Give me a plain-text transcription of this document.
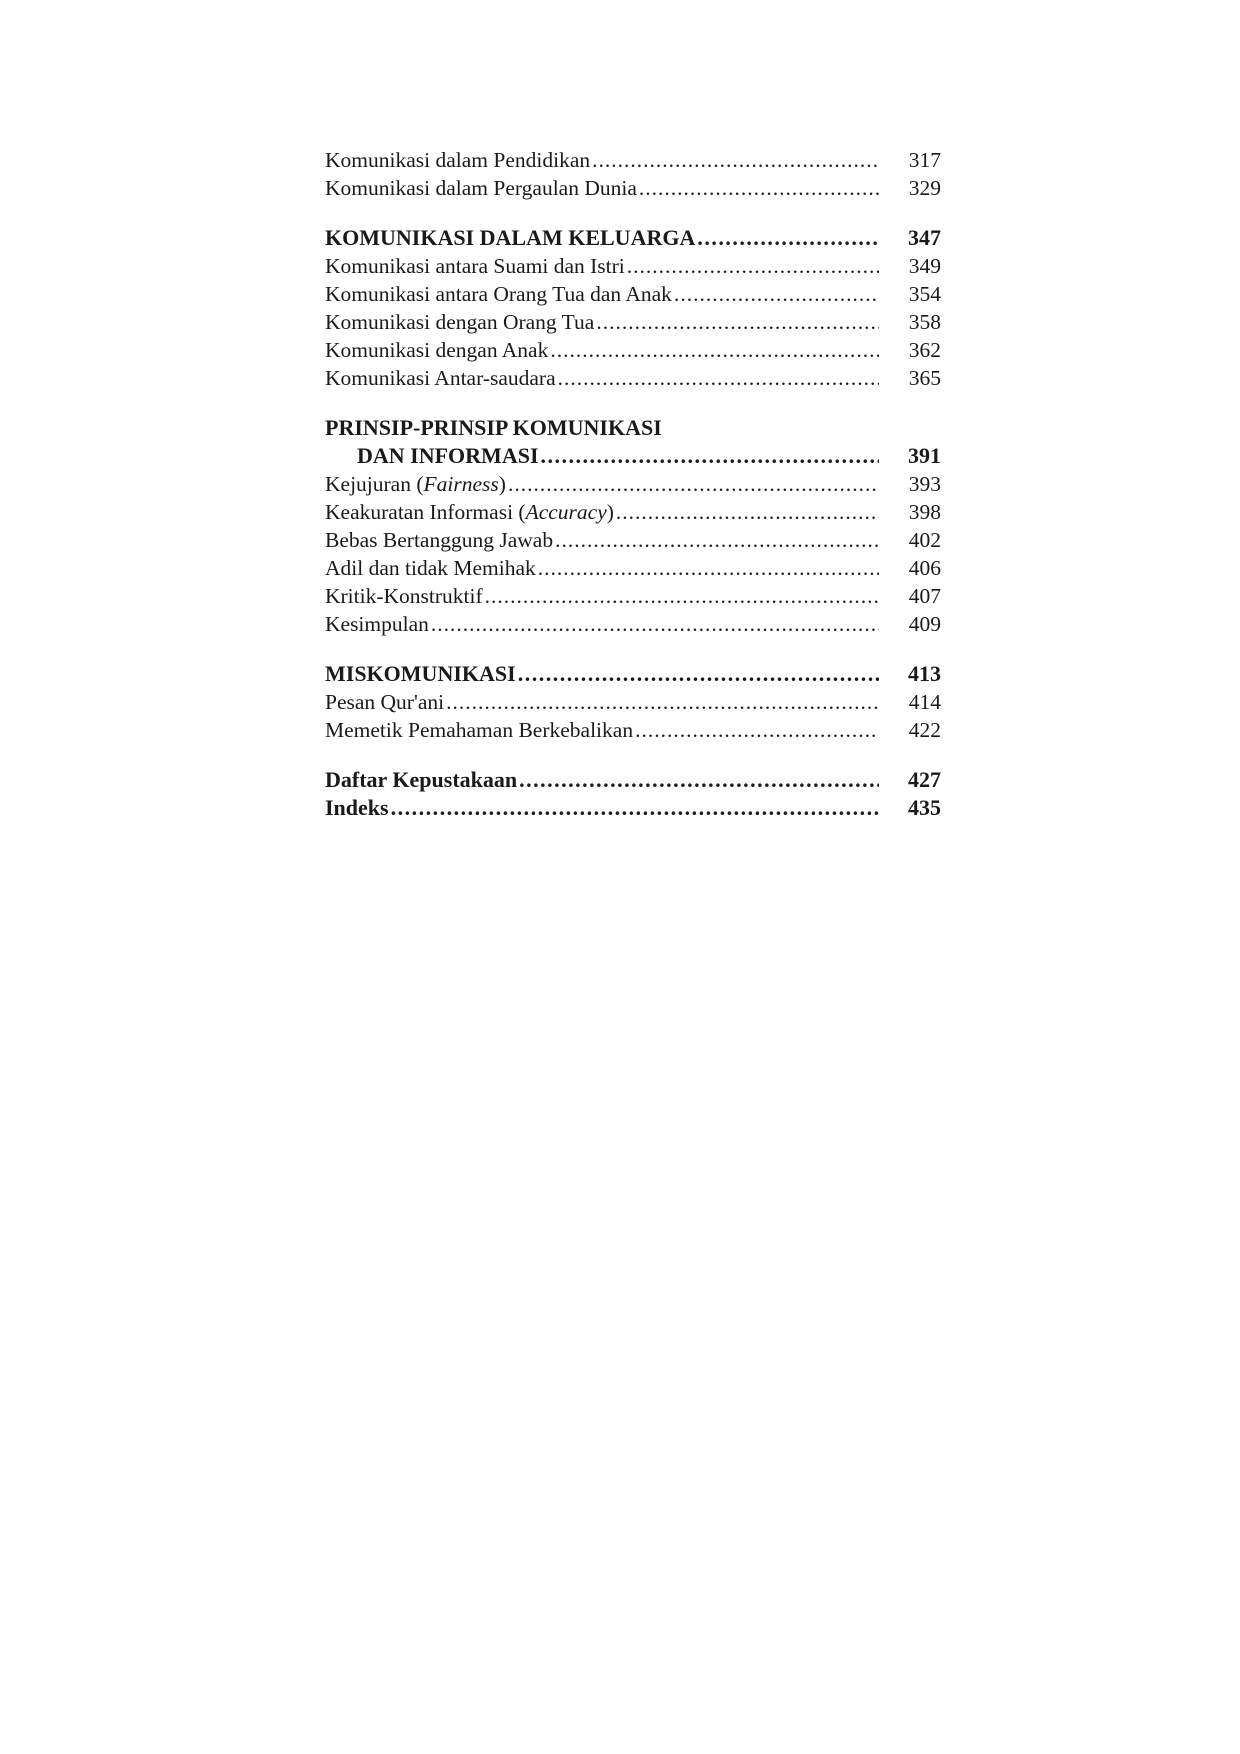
Komunikasi dalam Pendidikan .....	317
Komunikasi dalam Pergaulan Dunia .....	329
KOMUNIKASI DALAM KELUARGA .....	347
Komunikasi antara Suami dan Istri .....	349
Komunikasi antara Orang Tua dan Anak .....	354
Komunikasi dengan Orang Tua .....	358
Komunikasi dengan Anak .....	362
Komunikasi Antar-saudara .....	365
PRINSIP-PRINSIP KOMUNIKASI
DAN INFORMASI .....	391
Kejujuran (Fairness) .....	393
Keakuratan Informasi (Accuracy) .....	398
Bebas Bertanggung Jawab .....	402
Adil dan tidak Memihak .....	406
Kritik-Konstruktif .....	407
Kesimpulan .....	409
MISKOMUNIKASI .....	413
Pesan Qur'ani .....	414
Memetik Pemahaman Berkebalikan .....	422
Daftar Kepustakaan .....	427
Indeks .....	435
